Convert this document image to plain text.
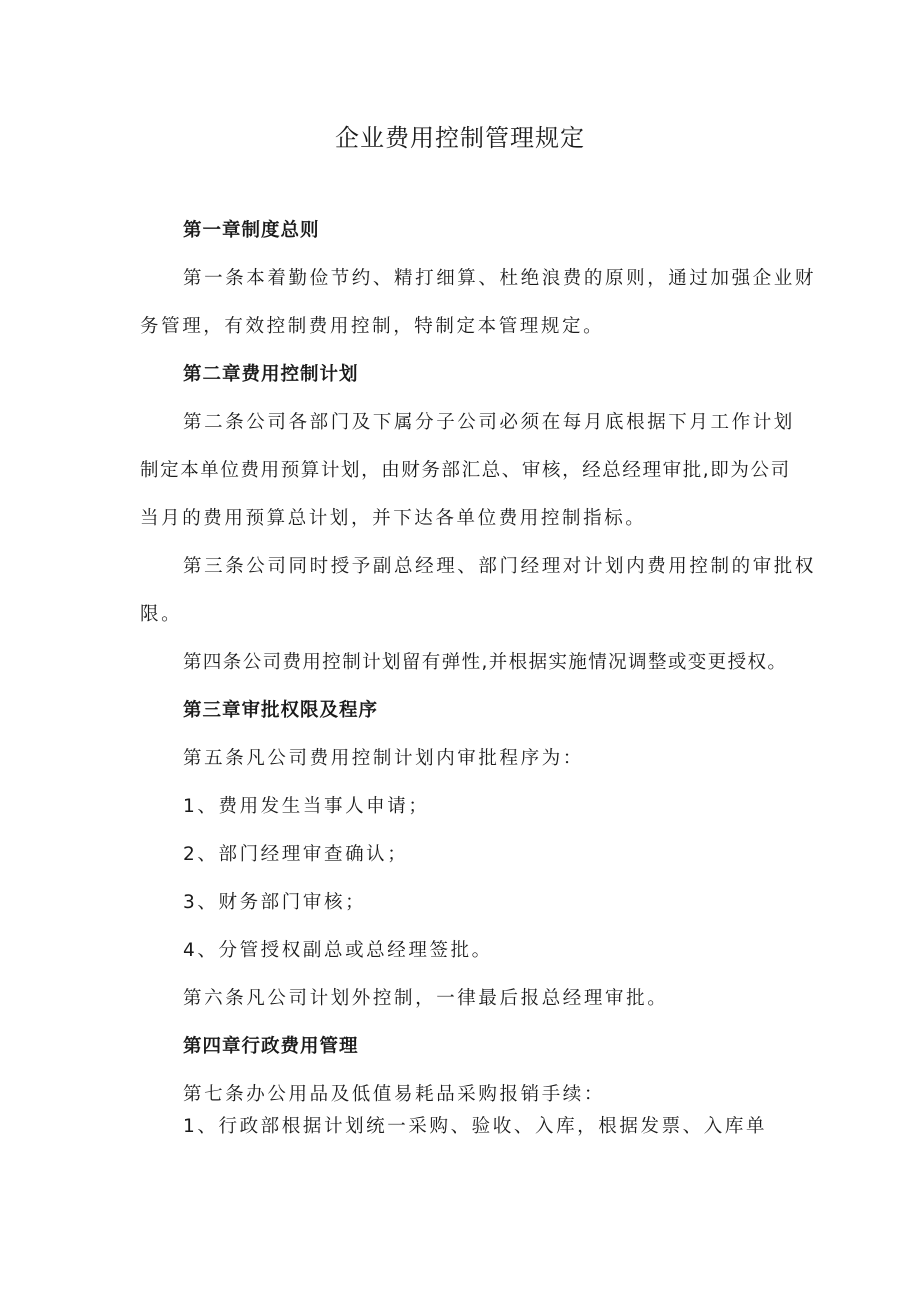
企业费用控制管理规定
第一章制度总则
第一条本着勤俭节约、精打细算、杜绝浪费的原则，通过加强企业财
务管理，有效控制费用控制，特制定本管理规定。
第二章费用控制计划
第二条公司各部门及下属分子公司必须在每月底根据下月工作计划
制定本单位费用预算计划，由财务部汇总、审核，经总经理审批,即为公司
当月的费用预算总计划，并下达各单位费用控制指标。
第三条公司同时授予副总经理、部门经理对计划内费用控制的审批权
限。
第四条公司费用控制计划留有弹性,并根据实施情况调整或变更授权。
第三章审批权限及程序
第五条凡公司费用控制计划内审批程序为：
1、费用发生当事人申请；
2、部门经理审查确认；
3、财务部门审核；
4、分管授权副总或总经理签批。
第六条凡公司计划外控制，一律最后报总经理审批。
第四章行政费用管理
第七条办公用品及低值易耗品采购报销手续：
1、行政部根据计划统一采购、验收、入库，根据发票、入库单
